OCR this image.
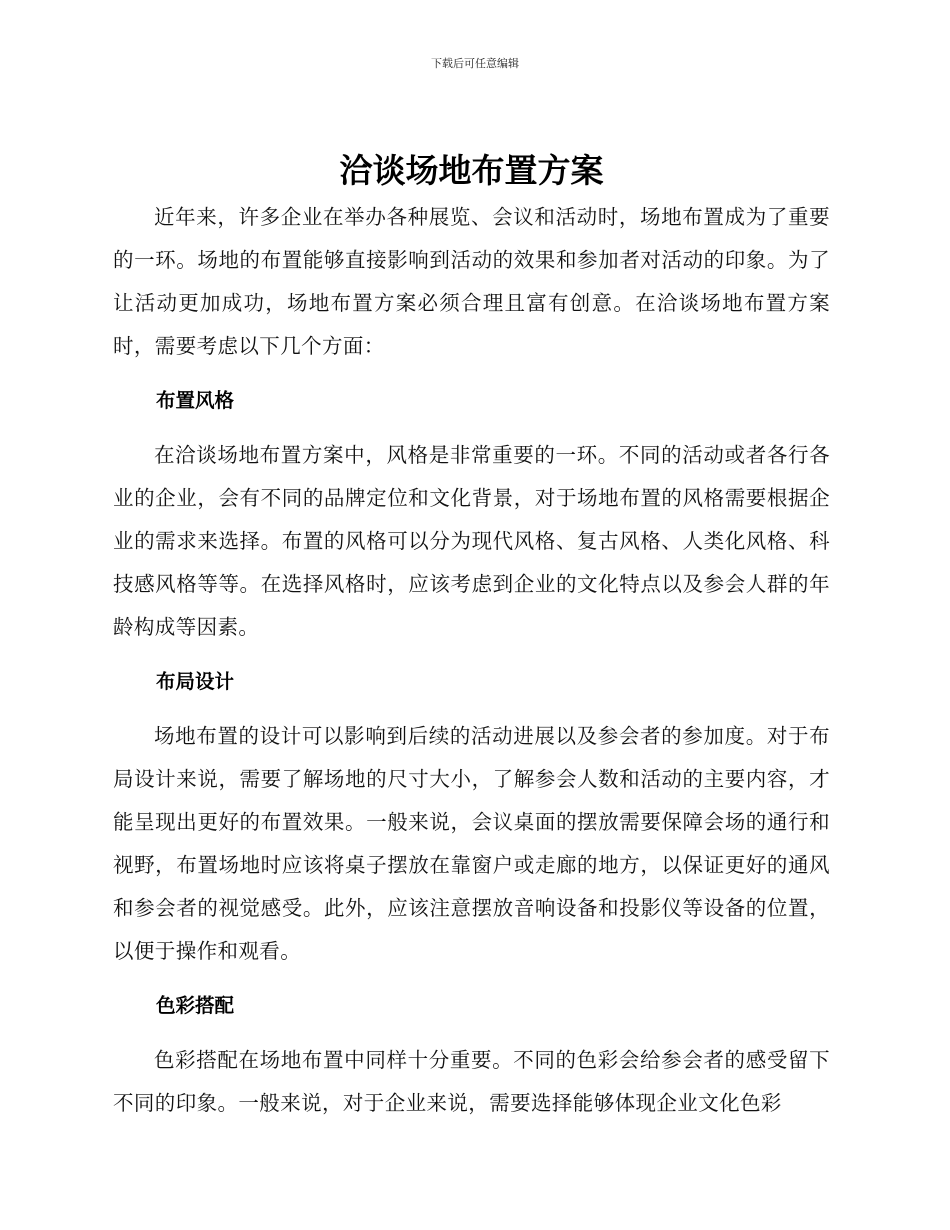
下载后可任意编辑
洽谈场地布置方案

近年来，许多企业在举办各种展览、会议和活动时，场地布置成为了重要的一环。场地的布置能够直接影响到活动的效果和参加者对活动的印象。为了让活动更加成功，场地布置方案必须合理且富有创意。在洽谈场地布置方案时，需要考虑以下几个方面：

布置风格

在洽谈场地布置方案中，风格是非常重要的一环。不同的活动或者各行各业的企业，会有不同的品牌定位和文化背景，对于场地布置的风格需要根据企业的需求来选择。布置的风格可以分为现代风格、复古风格、人类化风格、科技感风格等等。在选择风格时，应该考虑到企业的文化特点以及参会人群的年龄构成等因素。

布局设计

场地布置的设计可以影响到后续的活动进展以及参会者的参加度。对于布局设计来说，需要了解场地的尺寸大小，了解参会人数和活动的主要内容，才能呈现出更好的布置效果。一般来说，会议桌面的摆放需要保障会场的通行和视野，布置场地时应该将桌子摆放在靠窗户或走廊的地方，以保证更好的通风和参会者的视觉感受。此外，应该注意摆放音响设备和投影仪等设备的位置，以便于操作和观看。

色彩搭配

色彩搭配在场地布置中同样十分重要。不同的色彩会给参会者的感受留下不同的印象。一般来说，对于企业来说，需要选择能够体现企业文化色彩
